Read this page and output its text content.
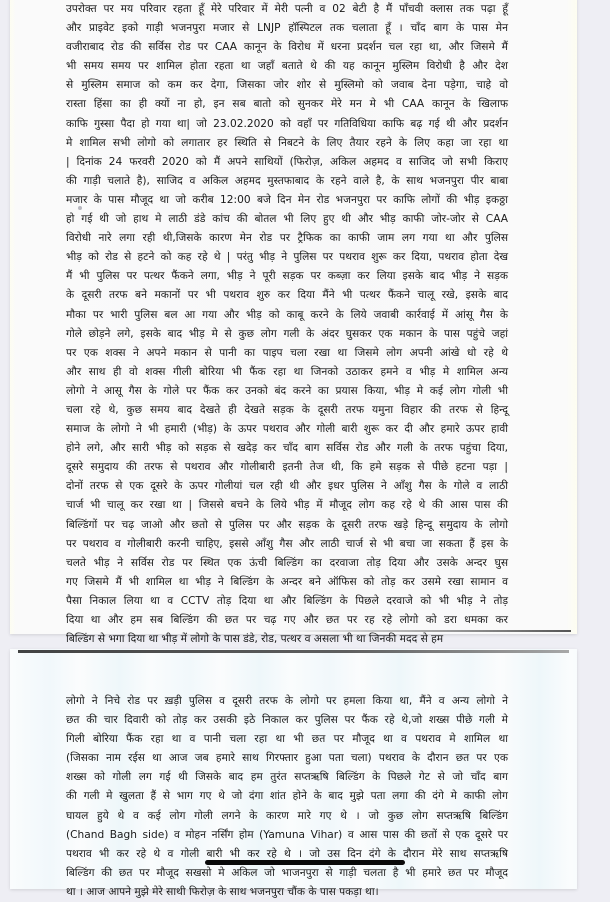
उपरोक्त पर मय परिवार रहता हूँ मेरे परिवार में मेरी पत्नी व 02 बेटी है मैं पाँचवी क्लास तक पढ़ा हूँ
और प्राइवेट इको गाड़ी भजनपुरा मजार से LNJP हॉस्पिटल तक चलाता हूँ । चाँद बाग के पास मेन
वजीराबाद रोड की सर्विस रोड पर CAA कानून के विरोध में धरना प्रदर्शन चल रहा था, और जिसमे मैं
भी समय समय पर शामिल होता रहता था जहाँ बताते थे की यह कानून मुस्लिम विरोधी है और देश
से मुस्लिम समाज को कम कर देगा, जिसका जोर शोर से मुस्लिमो को जवाब देना पड़ेगा, चाहे वो
रास्ता हिंसा का ही क्यों ना हो, इन सब बातो को सुनकर मेरे मन मे भी CAA कानून के खिलाफ
काफि गुस्सा पैदा हो गया था| जो 23.02.2020 को वहाँ पर गतिविधिया काफि बढ़ गई थी और प्रदर्शन
मे शामिल सभी लोगो को लगातार हर स्थिति से निबटने के लिए तैयार रहने के लिए कहा जा रहा था
| दिनांक 24 फरवरी 2020 को मैं अपने साथियों (फिरोज़, अकिल अहमद व साजिद जो सभी किराए
की गाड़ी चलाते है), साजिद व अकिल अहमद मुस्तफाबाद के रहने वाले है, के साथ भजनपुरा पीर बाबा
मजार के पास मौजूद था जो करीब 12:00 बजे दिन मेन रोड भजनपुरा पर काफि लोगों की भीड़ इकठ्ठा
हो गई थी जो हाथ मे लाठी डंडे कांच की बोतल भी लिए हुए थी और भीड़ काफी जोर-जोर से CAA
विरोधी नारे लगा रही थी,जिसके कारण मेन रोड पर ट्रैफिक का काफी जाम लग गया था और पुलिस
भीड़ को रोड से हटने को कह रहे थे | परंतु भीड़ ने पुलिस पर पथराव शुरू कर दिया, पथराव होता देख
मैं भी पुलिस पर पत्थर फैंकने लगा, भीड़ ने पूरी सड़क पर कब्ज़ा कर लिया इसके बाद भीड़ ने सड़क
के दूसरी तरफ बने मकानों पर भी पथराव शुरु कर दिया मैंने भी पत्थर फैंकने चालू रखे, इसके बाद
मौका पर भारी पुलिस बल आ गया और भीड़ को काबू करने के लिये जवाबी कार्रवाई में आंसू गैस के
गोले छोड़ने लगे, इसके बाद भीड़ मे से कुछ लोग गली के अंदर घुसकर एक मकान के पास पहुंचे जहां
पर एक शक्स ने अपने मकान से पानी का पाइप चला रखा था जिसमे लोग अपनी आंखे धो रहे थे
और साथ ही वो शक्स गीली बोरिया भी फैंक रहा था जिनको उठाकर हमने व भीड़ मे शामिल अन्य
लोगो ने आसू गैस के गोले पर फैंक कर उनको बंद करने का प्रयास किया, भीड़ मे कई लोग गोली भी
चला रहे थे, कुछ समय बाद देखते ही देखते सड़क के दूसरी तरफ यमुना विहार की तरफ से हिन्दू
समाज के लोगो ने भी हमारी (भीड़) के ऊपर पथराव और गोली बारी शुरू कर दी और हमारे ऊपर हावी
होने लगे, और सारी भीड़ को सड़क से खदेड़ कर चाँद बाग सर्विस रोड और गली के तरफ पहुंचा दिया,
दूसरे समुदाय की तरफ से पथराव और गोलीबारी इतनी तेज थी, कि हमे सड़क से पीछे हटना पड़ा |
दोनों तरफ से एक दूसरे के ऊपर गोलीयां चल रही थी और इधर पुलिस ने ऑंशु गैस के गोले व लाठी
चार्ज भी चालू कर रखा था | जिससे बचने के लिये भीड़ में मौजूद लोग कह रहे थे की आस पास की
बिल्डिंगों पर चढ़ जाओ और छतो से पुलिस पर और सड़क के दूसरी तरफ खड़े हिन्दू समुदाय के लोगो
पर पथराव व गोलीबारी करनी चाहिए, इससे ऑंशु गैस और लाठी चार्ज से भी बचा जा सकता हैं इस के
चलते भीड़ ने सर्विस रोड पर स्थित एक ऊंची बिल्डिंग का दरवाजा तोड़ दिया और उसके अन्दर घुस
गए जिसमे मैं भी शामिल था भीड़ ने बिल्डिंग के अन्दर बने ऑफिस को तोड़ कर उसमे रखा सामान व
पैसा निकाल लिया था व CCTV तोड़ दिया था और बिल्डिंग के पिछले दरवाजे को भी भीड़ ने तोड़
दिया था और हम सब बिल्डिंग की छत पर चढ़ गए और छत पर रह रहे लोगो को डरा धमका कर
बिल्डिंग से भगा दिया था भीड़ में लोगो के पास डंडे, रोड, पत्थर व असला भी था जिनकी मदद से हम
लोगो ने निचे रोड पर ख़ड़ी पुलिस व दूसरी तरफ के लोगो पर हमला किया था, मैंने व अन्य लोगो ने
छत की चार दिवारी को तोड़ कर उसकी इठे निकाल कर पुलिस पर फैंक रहे थे,जो शख्स पीछे गली मे
गिली बोरिया फैंक रहा था व पानी चला रहा था भी छत पर मौजूद था व पथराव मे शामिल था
(जिसका नाम रईस था आज जब हमारे साथ गिरफ्तार हुआ पता चला) पथराव के दौरान छत पर एक
शख्स को गोली लग गई थी जिसके बाद हम तुरंत सप्तऋषि बिल्डिंग के पिछले गेट से जो चाँद बाग
की गली मे खुलता हैं से भाग गए थे जो दंगा शांत होने के बाद मुझे पता लगा की दंगे मे काफी लोग
घायल हुये थे व कई लोग गोली लगने के कारण मारे गए थे । जो कुछ लोग सप्तऋषि बिल्डिंग
(Chand Bagh side) व मोहन नर्सिंग होम (Yamuna Vihar) व आस पास की छतों से एक दूसरे पर
पथराव भी कर रहे थे व गोली बारी भी कर रहे थे । जो उस दिन दंगे के दौरान मेरे साथ सप्तऋषि
बिल्डिंग की छत पर मौजूद सखसो मे अकिल जो भाजनपुरा से गाड़ी चलता है भी हमारे छत पर मौजूद
था । आज आपने मुझे मेरे साथी फिरोज़ के साथ भजनपुरा चौंक के पास पकड़ा था।
